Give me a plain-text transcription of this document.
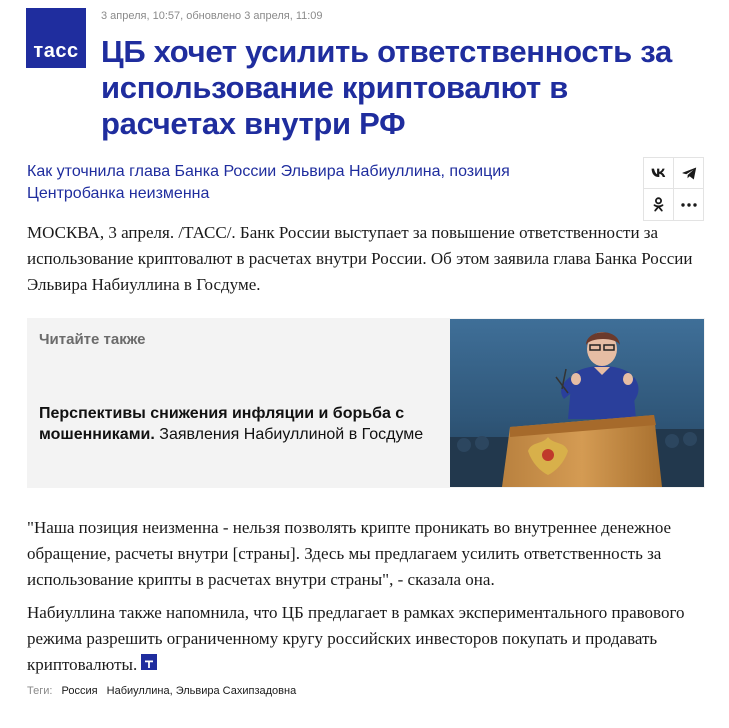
тасс
3 апреля, 10:57, обновлено 3 апреля, 11:09
ЦБ хочет усилить ответственность за использование криптовалют в расчетах внутри РФ

Как уточнила глава Банка России Эльвира Набиуллина, позиция Центробанка неизменна

МОСКВА, 3 апреля. /ТАСС/. Банк России выступает за повышение ответственности за использование криптовалют в расчетах внутри России. Об этом заявила глава Банка России Эльвира Набиуллина в Госдуме.

Читайте также

Перспективы снижения инфляции и борьба с мошенниками. Заявления Набиуллиной в Госдуме

"Наша позиция неизменна - нельзя позволять крипте проникать во внутреннее денежное обращение, расчеты внутри [страны]. Здесь мы предлагаем усилить ответственность за использование крипты в расчетах внутри страны", - сказала она.

Набиуллина также напомнила, что ЦБ предлагает в рамках экспериментального правового режима разрешить ограниченному кругу российских инвесторов покупать и продавать криптовалюты.

Теги: Россия Набиуллина, Эльвира Сахипзадовна
